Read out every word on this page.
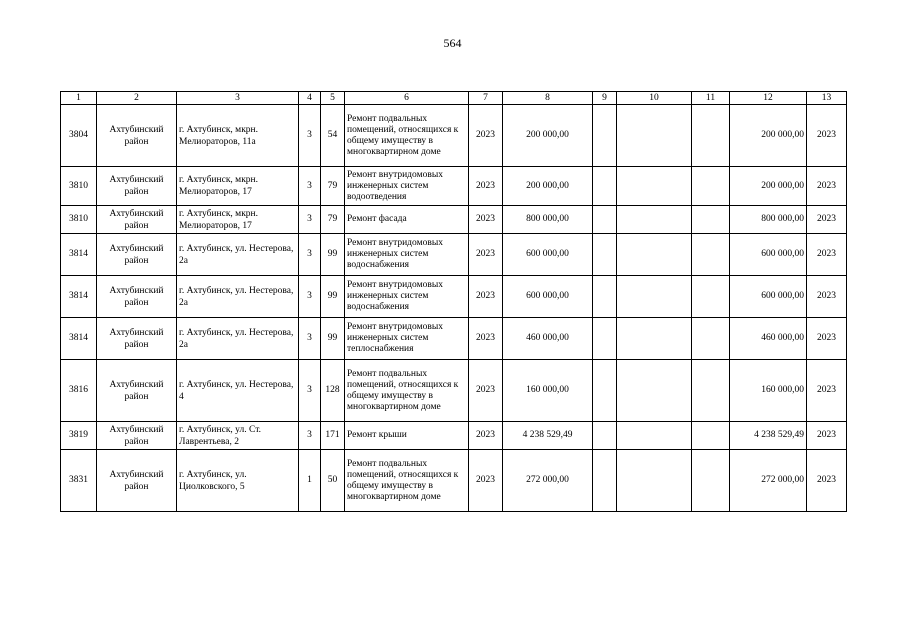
564
1	2	3	4	5	6	7	8	9	10	11	12	13
3804	Ахтубинский район	г. Ахтубинск, мкрн. Мелиораторов, 11а	3	54	Ремонт подвальных помещений, относящихся к общему имуществу в многоквартирном доме	2023	200 000,00				200 000,00	2023
3810	Ахтубинский район	г. Ахтубинск, мкрн. Мелиораторов, 17	3	79	Ремонт внутридомовых инженерных систем водоотведения	2023	200 000,00				200 000,00	2023
3810	Ахтубинский район	г. Ахтубинск, мкрн. Мелиораторов, 17	3	79	Ремонт фасада	2023	800 000,00				800 000,00	2023
3814	Ахтубинский район	г. Ахтубинск, ул. Нестерова, 2а	3	99	Ремонт внутридомовых инженерных систем водоснабжения	2023	600 000,00				600 000,00	2023
3814	Ахтубинский район	г. Ахтубинск, ул. Нестерова, 2а	3	99	Ремонт внутридомовых инженерных систем водоснабжения	2023	600 000,00				600 000,00	2023
3814	Ахтубинский район	г. Ахтубинск, ул. Нестерова, 2а	3	99	Ремонт внутридомовых инженерных систем теплоснабжения	2023	460 000,00				460 000,00	2023
3816	Ахтубинский район	г. Ахтубинск, ул. Нестерова, 4	3	128	Ремонт подвальных помещений, относящихся к общему имуществу в многоквартирном доме	2023	160 000,00				160 000,00	2023
3819	Ахтубинский район	г. Ахтубинск, ул. Ст. Лаврентьева, 2	3	171	Ремонт крыши	2023	4 238 529,49				4 238 529,49	2023
3831	Ахтубинский район	г. Ахтубинск, ул. Циолковского, 5	1	50	Ремонт подвальных помещений, относящихся к общему имуществу в многоквартирном доме	2023	272 000,00				272 000,00	2023
